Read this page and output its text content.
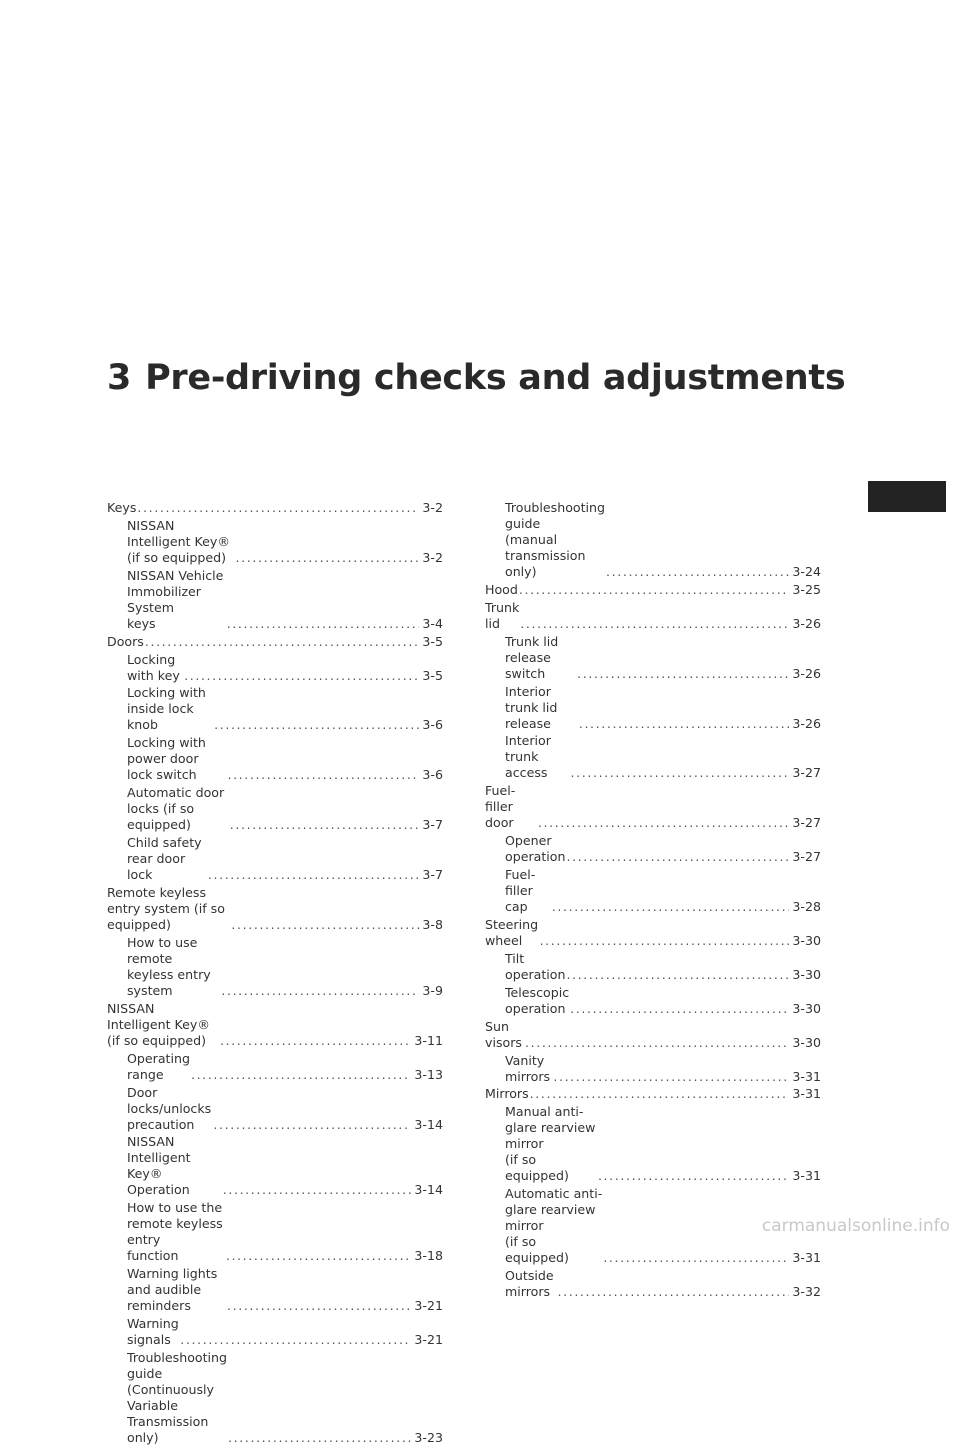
3 Pre-driving checks and adjustments
Keys . . .	3-2
NISSAN Intelligent Key® (if so equipped) . . .	3-2
NISSAN Vehicle Immobilizer System
keys . . .	3-4
Doors . . .	3-5
Locking with key . . .	3-5
Locking with inside lock knob . . .	3-6
Locking with power door lock switch . . .	3-6
Automatic door locks (if so equipped) . . .	3-7
Child safety rear door lock . . .	3-7
Remote keyless entry system (if so equipped) . . .	3-8
How to use remote keyless entry
system . . .	3-9
NISSAN Intelligent Key® (if so equipped) . . .	3-11
Operating range . . .	3-13
Door locks/unlocks precaution . . .	3-14
NISSAN Intelligent Key® Operation . . .	3-14
How to use the remote keyless entry
function . . .	3-18
Warning lights and audible reminders . . .	3-21
Warning signals . . .	3-21
Troubleshooting guide (Continuously
Variable Transmission only) . . .	3-23
Troubleshooting guide
(manual transmission only) . . .	3-24
Hood . . .	3-25
Trunk lid . . .	3-26
Trunk lid release switch . . .	3-26
Interior trunk lid release . . .	3-26
Interior trunk access . . .	3-27
Fuel-filler door . . .	3-27
Opener operation . . .	3-27
Fuel-filler cap . . .	3-28
Steering wheel . . .	3-30
Tilt operation . . .	3-30
Telescopic operation . . .	3-30
Sun visors . . .	3-30
Vanity mirrors . . .	3-31
Mirrors . . .	3-31
Manual anti-glare rearview mirror
(if so equipped) . . .	3-31
Automatic anti-glare rearview mirror
(if so equipped) . . .	3-31
Outside mirrors . . .	3-32
carmanualsonline.info
